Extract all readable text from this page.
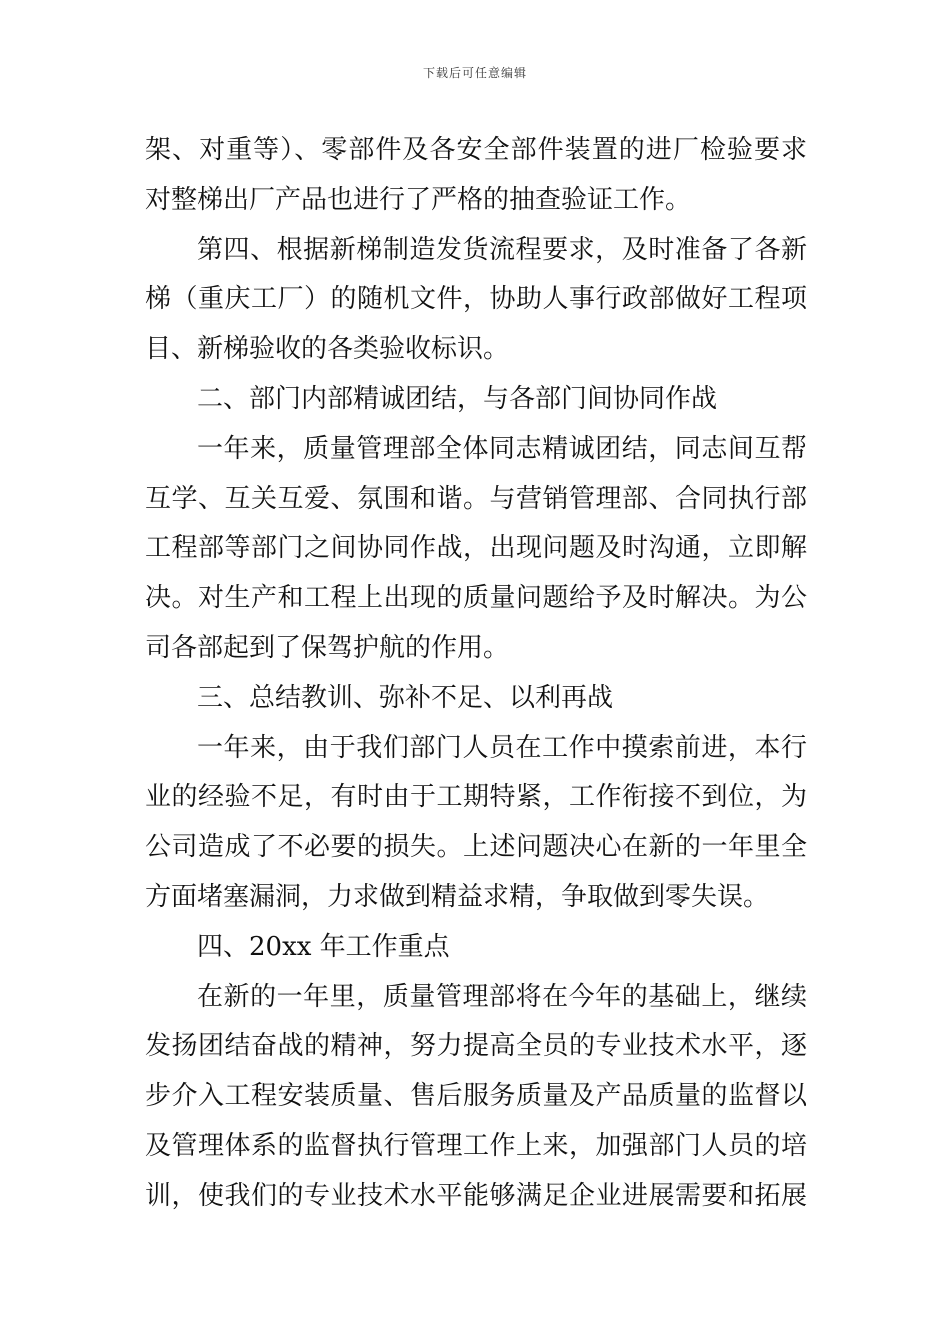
下载后可任意编辑
架、对重等）、零部件及各安全部件装置的进厂检验要求
对整梯出厂产品也进行了严格的抽查验证工作。
第四、根据新梯制造发货流程要求，及时准备了各新
梯（重庆工厂）的随机文件，协助人事行政部做好工程项
目、新梯验收的各类验收标识。
二、部门内部精诚团结，与各部门间协同作战
一年来，质量管理部全体同志精诚团结，同志间互帮
互学、互关互爱、氛围和谐。与营销管理部、合同执行部
工程部等部门之间协同作战，出现问题及时沟通，立即解
决。对生产和工程上出现的质量问题给予及时解决。为公
司各部起到了保驾护航的作用。
三、总结教训、弥补不足、以利再战
一年来，由于我们部门人员在工作中摸索前进，本行
业的经验不足，有时由于工期特紧，工作衔接不到位，为
公司造成了不必要的损失。上述问题决心在新的一年里全
方面堵塞漏洞，力求做到精益求精，争取做到零失误。
四、20xx 年工作重点
在新的一年里，质量管理部将在今年的基础上，继续
发扬团结奋战的精神，努力提高全员的专业技术水平，逐
步介入工程安装质量、售后服务质量及产品质量的监督以
及管理体系的监督执行管理工作上来，加强部门人员的培
训，使我们的专业技术水平能够满足企业进展需要和拓展
